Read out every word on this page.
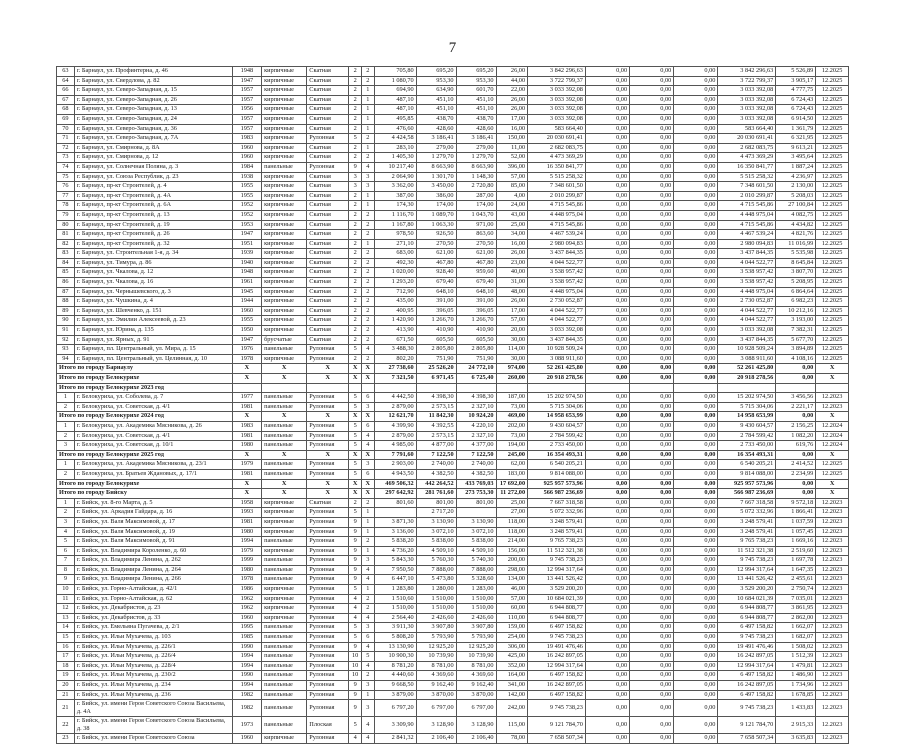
7
63	г. Барнаул, ул. Профинтерна, д. 46	1948	кирпичные	Скатная	2	2	705,80	695,20	695,20	26,00	3 842 296,63	0,00	0,00	0,00	3 842 296,63	5 526,89	12.2025
64	г. Барнаул, ул. Свердлова, д. 82	1947	кирпичные	Скатная	2	2	1 080,70	953,30	953,30	44,00	3 722 799,37	0,00	0,00	0,00	3 722 799,37	3 905,17	12.2025
66	г. Барнаул, ул. Северо-Западная, д. 15	1957	кирпичные	Скатная	2	1	694,90	634,90	601,70	22,00	3 033 392,08	0,00	0,00	0,00	3 033 392,08	4 777,75	12.2025
67	г. Барнаул, ул. Северо-Западная, д. 26	1957	кирпичные	Скатная	2	1	487,10	451,10	451,10	26,00	3 033 392,08	0,00	0,00	0,00	3 033 392,08	6 724,43	12.2025
68	г. Барнаул, ул. Северо-Западная, д. 13	1956	кирпичные	Скатная	2	1	487,10	451,10	451,10	26,00	3 033 392,08	0,00	0,00	0,00	3 033 392,08	6 724,43	12.2025
69	г. Барнаул, ул. Северо-Западная, д. 24	1957	кирпичные	Скатная	2	1	495,85	438,70	438,70	17,00	3 033 392,08	0,00	0,00	0,00	3 033 392,08	6 914,50	12.2025
70	г. Барнаул, ул. Северо-Западная, д. 36	1957	кирпичные	Скатная	2	1	476,60	428,60	428,60	16,00	583 664,40	0,00	0,00	0,00	583 664,40	1 361,79	12.2025
71	г. Барнаул, ул. Северо-Западная, д. 7А	1983	кирпичные	Рулонная	5	2	4 424,58	3 186,41	3 186,41	150,00	20 030 691,41	0,00	0,00	0,00	20 030 691,41	6 321,95	12.2025
72	г. Барнаул, ул. Смирнова, д. 8А	1960	кирпичные	Скатная	2	1	283,10	279,00	279,00	11,00	2 682 083,75	0,00	0,00	0,00	2 682 083,75	9 613,21	12.2025
73	г. Барнаул, ул. Смирнова, д. 12	1960	кирпичные	Скатная	2	2	1 405,30	1 279,70	1 279,70	52,00	4 473 369,29	0,00	0,00	0,00	4 473 369,29	3 495,64	12.2025
74	г. Барнаул, ул. Солнечная Поляна, д. 3	1984	панельные	Рулонная	9	4	10 217,40	8 663,90	8 663,90	396,00	16 350 841,77	0,00	0,00	0,00	16 350 841,77	1 887,24	12.2025
75	г. Барнаул, ул. Союза Республик, д. 23	1938	кирпичные	Скатная	3	3	2 064,90	1 301,70	1 148,30	57,00	5 515 258,32	0,00	0,00	0,00	5 515 258,32	4 236,97	12.2025
76	г. Барнаул, пр-кт Строителей, д. 4	1955	кирпичные	Скатная	3	3	3 362,00	3 450,00	2 720,80	85,00	7 348 601,50	0,00	0,00	0,00	7 348 601,50	2 130,00	12.2025
77	г. Барнаул, пр-кт Строителей, д. 4А	1955	кирпичные	Скатная	2	1	387,00	386,00	287,00	4,00	2 010 299,87	0,00	0,00	0,00	2 010 299,87	5 208,03	12.2025
78	г. Барнаул, пр-кт Строителей, д. 6А	1952	кирпичные	Скатная	2	1	174,30	174,00	174,00	24,00	4 715 545,86	0,00	0,00	0,00	4 715 545,86	27 100,84	12.2025
79	г. Барнаул, пр-кт Строителей, д. 13	1952	кирпичные	Скатная	2	2	1 116,70	1 089,70	1 043,70	43,00	4 448 975,04	0,00	0,00	0,00	4 448 975,04	4 082,75	12.2025
80	г. Барнаул, пр-кт Строителей, д. 19	1953	кирпичные	Скатная	2	2	1 167,80	1 063,30	971,00	25,00	4 715 545,86	0,00	0,00	0,00	4 715 545,86	4 434,82	12.2025
81	г. Барнаул, пр-кт Строителей, д. 26	1947	кирпичные	Скатная	2	2	978,50	926,50	863,60	34,00	4 467 539,24	0,00	0,00	0,00	4 467 539,24	4 821,76	12.2025
82	г. Барнаул, пр-кт Строителей, д. 32	1951	кирпичные	Скатная	2	1	271,10	270,50	270,50	16,00	2 980 094,83	0,00	0,00	0,00	2 980 094,83	11 016,99	12.2025
83	г. Барнаул, ул. Строительная 1-я, д. 34	1939	кирпичные	Скатная	2	2	683,00	621,00	621,00	26,00	3 437 844,35	0,00	0,00	0,00	3 437 844,35	5 535,98	12.2025
84	г. Барнаул, ул. Тимура, д. 86	1940	кирпичные	Скатная	2	2	492,30	467,80	467,80	23,00	4 044 522,77	0,00	0,00	0,00	4 044 522,77	8 645,84	12.2025
85	г. Барнаул, ул. Чкалова, д. 12	1948	кирпичные	Скатная	2	2	1 020,00	928,40	959,60	40,00	3 538 957,42	0,00	0,00	0,00	3 538 957,42	3 807,70	12.2025
86	г. Барнаул, ул. Чкалова, д. 16	1961	кирпичные	Скатная	2	2	1 293,20	679,40	679,40	31,00	3 538 957,42	0,00	0,00	0,00	3 538 957,42	5 208,95	12.2025
87	г. Барнаул, ул. Чернышевского, д. 3	1945	кирпичные	Скатная	2	2	712,90	648,10	648,10	48,00	4 448 975,04	0,00	0,00	0,00	4 448 975,04	6 864,64	12.2025
88	г. Барнаул, ул. Чушкина, д. 4	1944	кирпичные	Скатная	2	2	435,00	391,00	391,00	26,00	2 730 052,87	0,00	0,00	0,00	2 730 052,87	6 982,23	12.2025
89	г. Барнаул, ул. Шевченко, д. 151	1960	кирпичные	Скатная	2	2	400,95	396,05	396,05	17,00	4 044 522,77	0,00	0,00	0,00	4 044 522,77	10 212,16	12.2025
90	г. Барнаул, ул. Эмилии Алексеевой, д. 23	1955	кирпичные	Скатная	2	2	1 420,90	1 266,70	1 266,70	57,00	4 044 522,77	0,00	0,00	0,00	4 044 522,77	3 193,00	12.2025
91	г. Барнаул, ул. Юрина, д. 135	1950	кирпичные	Скатная	2	2	413,90	410,90	410,90	20,00	3 033 392,08	0,00	0,00	0,00	3 033 392,08	7 382,31	12.2025
92	г. Барнаул, ул. Ярных, д. 91	1947	брусчатые	Скатная	2	2	671,50	605,50	605,50	30,00	3 437 844,35	0,00	0,00	0,00	3 437 844,35	5 677,70	12.2025
93	г. Барнаул, пл. Центральный, ул. Мира, д. 15	1976	панельные	Рулонная	5	4	3 488,30	2 805,80	2 805,80	114,00	10 928 509,24	0,00	0,00	0,00	10 928 509,24	3 894,89	12.2025
94	г. Барнаул, пл. Центральный, ул. Целинная, д. 10	1978	кирпичные	Рулонная	2	2	802,20	751,90	751,90	30,00	3 088 911,60	0,00	0,00	0,00	3 088 911,60	4 108,16	12.2025
Итого по городу Барнаулу		X	X	X	X	X	27 738,60	25 526,20	24 772,10	974,00	52 261 425,80	0,00	0,00	0,00	52 261 425,80	0,00	X
Итого по городу Белокурихе		X	X	X	X	X	7 321,50	6 971,45	6 725,40	260,00	20 918 278,56	0,00	0,00	0,00	20 918 278,56	0,00	X
Итого по городу Белокурихе 2023 год																	
1	г. Белокуриха, ул. Соболева, д. 7	1977	панельные	Рулонная	5	6	4 442,50	4 398,30	4 398,30	187,00	15 202 974,50	0,00	0,00	0,00	15 202 974,50	3 456,56	12.2023
2	г. Белокуриха, ул. Советская, д. 4/1	1981	панельные	Рулонная	5	3	2 879,00	2 573,15	2 327,10	73,00	5 715 304,06	0,00	0,00	0,00	5 715 304,06	2 221,17	12.2023
Итого по городу Белокурихе 2024 год		X	X	X	X	X	12 621,70	11 842,30	10 924,20	469,00	14 958 653,99	0,00	0,00	0,00	14 958 653,99	0,00	X
1	г. Белокуриха, ул. Академика Мясникова, д. 26	1983	панельные	Рулонная	5	6	4 399,90	4 392,55	4 220,10	202,00	9 430 604,57	0,00	0,00	0,00	9 430 604,57	2 156,25	12.2024
2	г. Белокуриха, ул. Советская, д. 4/1	1981	панельные	Рулонная	5	4	2 879,00	2 573,15	2 327,10	73,00	2 784 599,42	0,00	0,00	0,00	2 784 599,42	1 082,20	12.2024
3	г. Белокуриха, ул. Советская, д. 10/1	1980	панельные	Рулонная	5	4	4 985,00	4 877,00	4 377,00	194,00	2 733 450,00	0,00	0,00	0,00	2 733 450,00	619,76	12.2024
Итого по городу Белокурихе 2025 год		X	X	X	X	X	7 791,60	7 122,50	7 122,50	245,00	16 354 493,31	0,00	0,00	0,00	16 354 493,31	0,00	X
1	г. Белокуриха, ул. Академика Мясникова, д. 23/1	1979	панельные	Рулонная	5	3	2 903,00	2 740,00	2 740,00	62,00	6 540 205,21	0,00	0,00	0,00	6 540 205,21	2 414,52	12.2025
2	г. Белокуриха, ул. Братьев Ждановых, д. 17/1	1981	панельные	Рулонная	5	6	4 943,50	4 382,50	4 382,50	183,00	9 814 088,00	0,00	0,00	0,00	9 814 088,00	2 234,99	12.2025
Итого по городу Белокурихе		X	X	X	X	X	469 506,32	442 264,52	433 769,03	17 692,00	925 957 573,96	0,00	0,00	0,00	925 957 573,96	0,00	X
Итого по городу Бийску		X	X	X	X	X	297 642,92	281 761,60	273 753,30	11 272,00	566 987 236,69	0,00	0,00	0,00	566 987 236,69	0,00	X
1	г. Бийск, ул. 8-го Марта, д. 5	1958	кирпичные	Скатная	2	2	801,60	801,00	801,00	25,00	7 667 318,58	0,00	0,00	0,00	7 667 318,58	9 572,18	12.2023
2	г. Бийск, ул. Аркадия Гайдара, д. 16	1993	кирпичные	Рулонная	5	1		2 717,20		27,00	5 072 332,96	0,00	0,00	0,00	5 072 332,96	1 866,41	12.2023
3	г. Бийск, ул. Валя Максимовой, д. 17	1981	кирпичные	Рулонная	9	1	3 871,30	3 130,90	3 130,90	118,00	3 248 579,41	0,00	0,00	0,00	3 248 579,41	1 037,59	12.2023
4	г. Бийск, ул. Валя Максимовой, д. 19	1980	кирпичные	Рулонная	9	1	3 136,00	3 072,10	3 072,10	118,00	3 248 579,41	0,00	0,00	0,00	3 248 579,41	1 057,45	12.2023
5	г. Бийск, ул. Валя Максимовой, д. 91	1994	панельные	Рулонная	9	2	5 838,20	5 838,00	5 838,00	214,00	9 765 738,23	0,00	0,00	0,00	9 765 738,23	1 669,16	12.2023
6	г. Бийск, ул. Владимира Короленко, д. 60	1979	кирпичные	Рулонная	9	1	4 736,20	4 509,10	4 509,10	156,00	11 512 321,38	0,00	0,00	0,00	11 512 321,38	2 519,60	12.2023
7	г. Бийск, ул. Владимира Ленина, д. 262	1999	панельные	Рулонная	9	3	5 843,30	5 760,30	5 740,30	200,00	9 745 738,23	0,00	0,00	0,00	9 745 738,23	1 697,78	12.2023
8	г. Бийск, ул. Владимира Ленина, д. 264	1980	панельные	Рулонная	9	4	7 950,50	7 888,00	7 888,00	298,00	12 994 317,64	0,00	0,00	0,00	12 994 317,64	1 647,35	12.2023
9	г. Бийск, ул. Владимира Ленина, д. 266	1978	панельные	Рулонная	9	4	6 447,10	5 473,80	5 328,60	134,00	13 441 526,42	0,00	0,00	0,00	13 441 526,42	2 455,61	12.2023
10	г. Бийск, ул. Горно-Алтайская, д. 42/1	1986	кирпичные	Рулонная	5	1	1 283,80	1 280,00	1 283,00	46,00	3 529 200,20	0,00	0,00	0,00	3 529 200,20	2 750,74	12.2023
11	г. Бийск, ул. Горно-Алтайская, д. 62	1962	кирпичные	Рулонная	4	2	1 510,60	1 510,00	1 510,00	57,00	10 684 021,39	0,00	0,00	0,00	10 684 021,39	7 035,01	12.2023
12	г. Бийск, ул. Декабристов, д. 23	1962	кирпичные	Рулонная	4	2	1 510,00	1 510,00	1 510,00	60,00	6 944 808,77	0,00	0,00	0,00	6 944 808,77	3 861,95	12.2023
13	г. Бийск, ул. Декабристов, д. 33	1960	кирпичные	Рулонная	4	4	2 564,40	2 426,60	2 426,60	110,00	6 944 808,77	0,00	0,00	0,00	6 944 808,77	2 862,00	12.2023
14	г. Бийск, ул. Емельяна Пугачева, д. 2/1	1995	панельные	Рулонная	5	3	3 911,30	3 907,80	3 907,80	159,00	6 497 158,82	0,00	0,00	0,00	6 497 158,82	1 662,07	12.2023
15	г. Бийск, ул. Ильи Мухачева, д. 103	1985	панельные	Рулонная	5	6	5 808,20	5 793,90	5 793,90	254,00	9 745 738,23	0,00	0,00	0,00	9 745 738,23	1 682,07	12.2023
16	г. Бийск, ул. Ильи Мухачева, д. 226/1	1990	панельные	Рулонная	9	4	13 130,90	12 925,20	12 925,20	306,00	19 491 476,46	0,00	0,00	0,00	19 491 476,46	1 508,02	12.2023
17	г. Бийск, ул. Ильи Мухачева, д. 226/4	1994	панельные	Рулонная	10	5	10 900,30	10 739,90	10 739,90	425,00	16 242 897,05	0,00	0,00	0,00	16 242 897,05	1 512,39	12.2023
18	г. Бийск, ул. Ильи Мухачева, д. 228/4	1994	панельные	Рулонная	10	4	8 781,20	8 781,00	8 781,00	352,00	12 994 317,64	0,00	0,00	0,00	12 994 317,64	1 479,81	12.2023
19	г. Бийск, ул. Ильи Мухачева, д. 230/2	1990	панельные	Рулонная	10	2	4 440,60	4 369,60	4 369,60	164,00	6 497 158,82	0,00	0,00	0,00	6 497 158,82	1 486,90	12.2023
20	г. Бийск, ул. Ильи Мухачева, д. 234	1994	панельные	Рулонная	9	3	9 668,50	9 162,40	9 162,40	341,00	16 242 897,05	0,00	0,00	0,00	16 242 897,05	1 734,96	12.2023
21	г. Бийск, ул. Ильи Мухачева, д. 236	1982	панельные	Рулонная	9	1	3 879,00	3 870,00	3 870,00	142,00	6 497 158,82	0,00	0,00	0,00	6 497 158,82	1 678,85	12.2023
21	г. Бийск, ул. имени Героя Советского Союза Васильева, д. 4А	1982	панельные	Рулонная	9	3	6 797,20	6 797,00	6 797,00	242,00	9 745 738,23	0,00	0,00	0,00	9 745 738,23	1 433,83	12.2023
22	г. Бийск, ул. имени Героя Советского Союза Васильева, д. 38	1973	панельные	Плоская	5	4	3 309,90	3 128,90	3 128,90	115,00	9 121 784,70	0,00	0,00	0,00	9 121 784,70	2 915,33	12.2023
23	г. Бийск, ул. имени Героя Советского Союза	1960	кирпичные	Рулонная	4	4	2 841,32	2 106,40	2 106,40	78,00	7 658 507,34	0,00	0,00	0,00	7 658 507,34	3 635,83	12.2023
